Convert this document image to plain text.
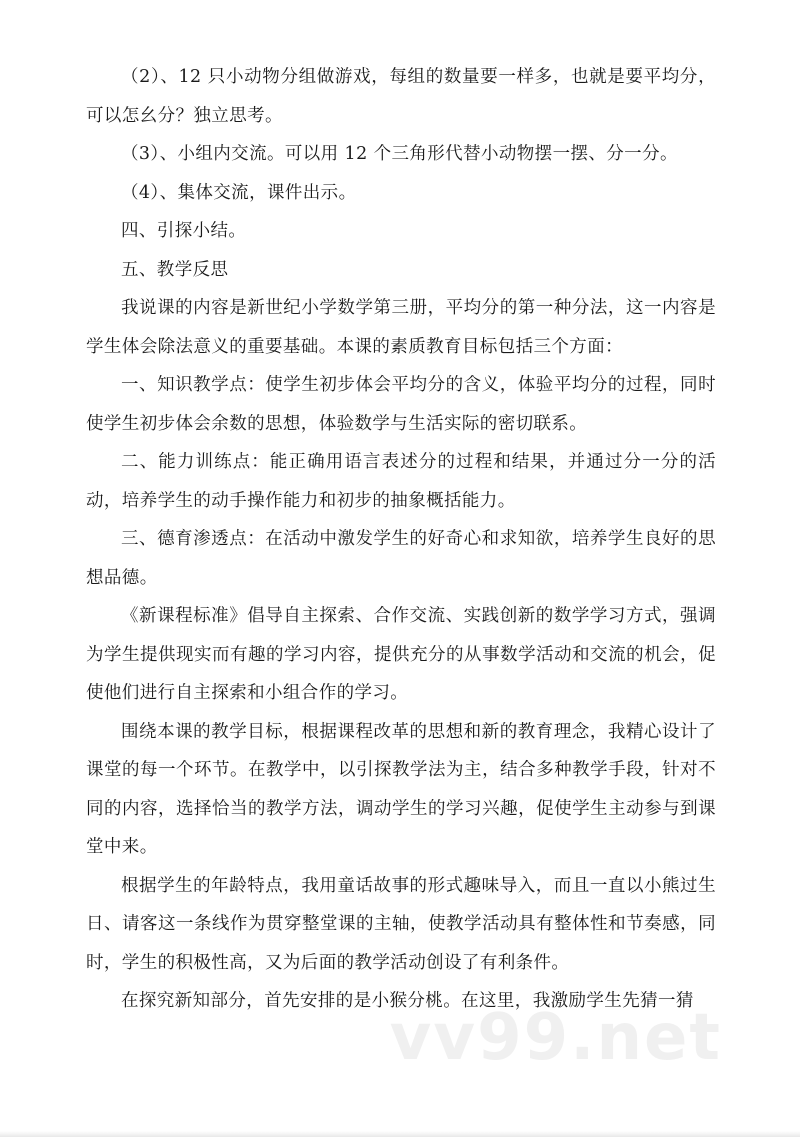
（2）、12 只小动物分组做游戏，每组的数量要一样多，也就是要平均分，可以怎幺分？独立思考。

（3）、小组内交流。可以用 12 个三角形代替小动物摆一摆、分一分。

（4）、集体交流，课件出示。

四、引探小结。

五、教学反思

我说课的内容是新世纪小学数学第三册，平均分的第一种分法，这一内容是学生体会除法意义的重要基础。本课的素质教育目标包括三个方面：

一、知识教学点：使学生初步体会平均分的含义，体验平均分的过程，同时使学生初步体会余数的思想，体验数学与生活实际的密切联系。

二、能力训练点：能正确用语言表述分的过程和结果，并通过分一分的活动，培养学生的动手操作能力和初步的抽象概括能力。

三、德育渗透点：在活动中激发学生的好奇心和求知欲，培养学生良好的思想品德。

《新课程标准》倡导自主探索、合作交流、实践创新的数学学习方式，强调为学生提供现实而有趣的学习内容，提供充分的从事数学活动和交流的机会，促使他们进行自主探索和小组合作的学习。

围绕本课的教学目标，根据课程改革的思想和新的教育理念，我精心设计了课堂的每一个环节。在教学中，以引探教学法为主，结合多种教学手段，针对不同的内容，选择恰当的教学方法，调动学生的学习兴趣，促使学生主动参与到课堂中来。

根据学生的年龄特点，我用童话故事的形式趣味导入，而且一直以小熊过生日、请客这一条线作为贯穿整堂课的主轴，使教学活动具有整体性和节奏感，同时，学生的积极性高，又为后面的教学活动创设了有利条件。

在探究新知部分，首先安排的是小猴分桃。在这里，我激励学生先猜一猜

vv99.net
